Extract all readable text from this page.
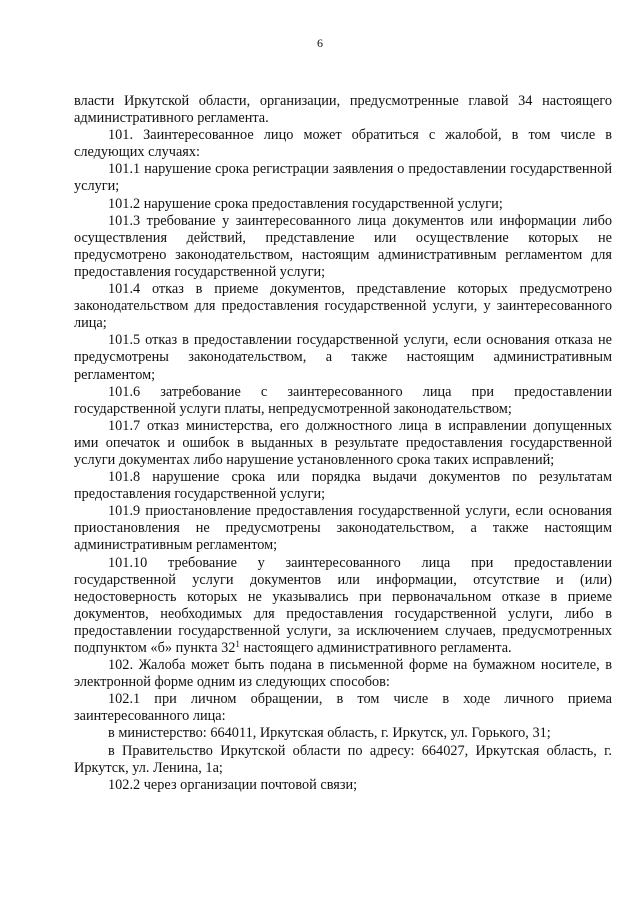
6

власти Иркутской области, организации, предусмотренные главой 34 настоящего административного регламента.

101. Заинтересованное лицо может обратиться с жалобой, в том числе в следующих случаях:

101.1 нарушение срока регистрации заявления о предоставлении государственной услуги;

101.2 нарушение срока предоставления государственной услуги;

101.3 требование у заинтересованного лица документов или информации либо осуществления действий, представление или осуществление которых не предусмотрено законодательством, настоящим административным регламентом для предоставления государственной услуги;

101.4 отказ в приеме документов, представление которых предусмотрено законодательством для предоставления государственной услуги, у заинтересованного лица;

101.5 отказ в предоставлении государственной услуги, если основания отказа не предусмотрены законодательством, а также настоящим административным регламентом;

101.6 затребование с заинтересованного лица при предоставлении государственной услуги платы, непредусмотренной законодательством;

101.7 отказ министерства, его должностного лица в исправлении допущенных ими опечаток и ошибок в выданных в результате предоставления государственной услуги документах либо нарушение установленного срока таких исправлений;

101.8 нарушение срока или порядка выдачи документов по результатам предоставления государственной услуги;

101.9 приостановление предоставления государственной услуги, если основания приостановления не предусмотрены законодательством, а также настоящим административным регламентом;

101.10 требование у заинтересованного лица при предоставлении государственной услуги документов или информации, отсутствие и (или) недостоверность которых не указывались при первоначальном отказе в приеме документов, необходимых для предоставления государственной услуги, либо в предоставлении государственной услуги, за исключением случаев, предусмотренных подпунктом «б» пункта $32^1$ настоящего административного регламента.

102. Жалоба может быть подана в письменной форме на бумажном носителе, в электронной форме одним из следующих способов:

102.1 при личном обращении, в том числе в ходе личного приема заинтересованного лица:

в министерство: 664011, Иркутская область, г. Иркутск, ул. Горького, 31;

в Правительство Иркутской области по адресу: 664027, Иркутская область, г. Иркутск, ул. Ленина, 1а;

102.2 через организации почтовой связи;
